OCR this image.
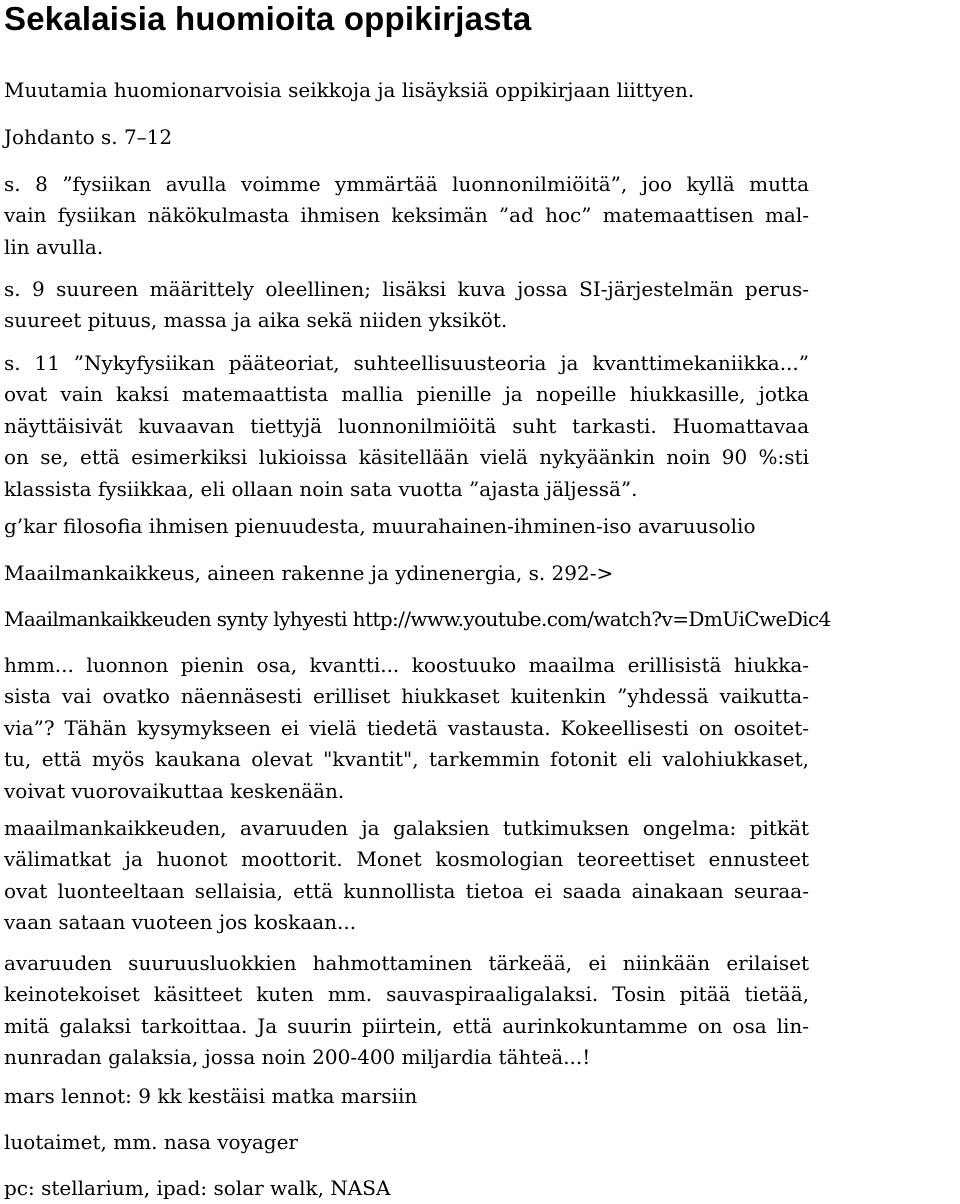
Sekalaisia huomioita oppikirjasta

Muutamia huomionarvoisia seikkoja ja lisäyksiä oppikirjaan liittyen.

Johdanto s. 7–12

s. 8 ”fysiikan avulla voimme ymmärtää luonnonilmiöitä”, joo kyllä mutta
vain fysiikan näkökulmasta ihmisen keksimän ”ad hoc” matemaattisen mal-
lin avulla.

s. 9 suureen määrittely oleellinen; lisäksi kuva jossa SI-järjestelmän perus-
suureet pituus, massa ja aika sekä niiden yksiköt.

s. 11 ”Nykyfysiikan pääteoriat, suhteellisuusteoria ja kvanttimekaniikka...”
ovat vain kaksi matemaattista mallia pienille ja nopeille hiukkasille, jotka
näyttäisivät kuvaavan tiettyjä luonnonilmiöitä suht tarkasti. Huomattavaa
on se, että esimerkiksi lukioissa käsitellään vielä nykyäänkin noin 90 %:sti
klassista fysiikkaa, eli ollaan noin sata vuotta ”ajasta jäljessä”.

g’kar filosofia ihmisen pienuudesta, muurahainen-ihminen-iso avaruusolio

Maailmankaikkeus, aineen rakenne ja ydinenergia, s. 292->

Maailmankaikkeuden synty lyhyesti http://www.youtube.com/watch?v=DmUiCweDic4

hmm... luonnon pienin osa, kvantti... koostuuko maailma erillisistä hiukka-
sista vai ovatko näennäsesti erilliset hiukkaset kuitenkin ”yhdessä vaikutta-
via”? Tähän kysymykseen ei vielä tiedetä vastausta. Kokeellisesti on osoitet-
tu, että myös kaukana olevat "kvantit", tarkemmin fotonit eli valohiukkaset,
voivat vuorovaikuttaa keskenään.

maailmankaikkeuden, avaruuden ja galaksien tutkimuksen ongelma: pitkät
välimatkat ja huonot moottorit. Monet kosmologian teoreettiset ennusteet
ovat luonteeltaan sellaisia, että kunnollista tietoa ei saada ainakaan seuraa-
vaan sataan vuoteen jos koskaan...

avaruuden suuruusluokkien hahmottaminen tärkeää, ei niinkään erilaiset
keinotekoiset käsitteet kuten mm. sauvaspiraaligalaksi. Tosin pitää tietää,
mitä galaksi tarkoittaa. Ja suurin piirtein, että aurinkokuntamme on osa lin-
nunradan galaksia, jossa noin 200-400 miljardia tähteä...!

mars lennot: 9 kk kestäisi matka marsiin

luotaimet, mm. nasa voyager

pc: stellarium, ipad: solar walk, NASA
